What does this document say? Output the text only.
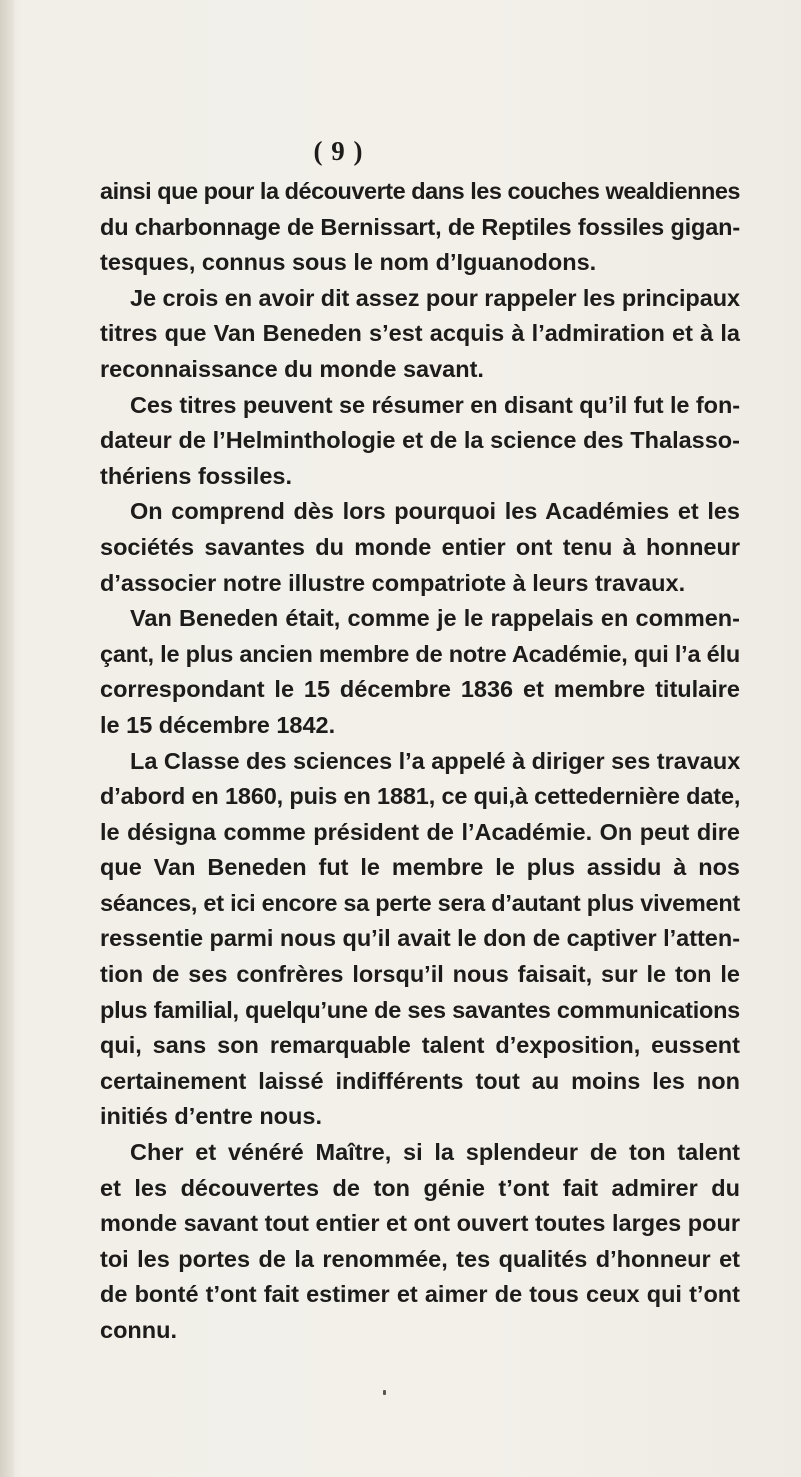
( 9 )
ainsi que pour la découverte dans les couches wealdiennes
du charbonnage de Bernissart, de Reptiles fossiles gigan-
tesques, connus sous le nom d’Iguanodons.
Je crois en avoir dit assez pour rappeler les principaux
titres que Van Beneden s’est acquis à l’admiration et à la
reconnaissance du monde savant.
Ces titres peuvent se résumer en disant qu’il fut le fon-
dateur de l’Helminthologie et de la science des Thalasso-
thériens fossiles.
On comprend dès lors pourquoi les Académies et les
sociétés savantes du monde entier ont tenu à honneur
d’associer notre illustre compatriote à leurs travaux.
Van Beneden était, comme je le rappelais en commen-
çant, le plus ancien membre de notre Académie, qui l’a élu
correspondant le 15 décembre 1836 et membre titulaire
le 15 décembre 1842.
La Classe des sciences l’a appelé à diriger ses travaux
d’abord en 1860, puis en 1881, ce qui,à cettedernière date,
le désigna comme président de l’Académie. On peut dire
que Van Beneden fut le membre le plus assidu à nos
séances, et ici encore sa perte sera d’autant plus vivement
ressentie parmi nous qu’il avait le don de captiver l’atten-
tion de ses confrères lorsqu’il nous faisait, sur le ton le
plus familial, quelqu’une de ses savantes communications
qui, sans son remarquable talent d’exposition, eussent
certainement laissé indifférents tout au moins les non
initiés d’entre nous.
Cher et vénéré Maître, si la splendeur de ton talent
et les découvertes de ton génie t’ont fait admirer du
monde savant tout entier et ont ouvert toutes larges pour
toi les portes de la renommée, tes qualités d’honneur et
de bonté t’ont fait estimer et aimer de tous ceux qui t’ont
connu.
